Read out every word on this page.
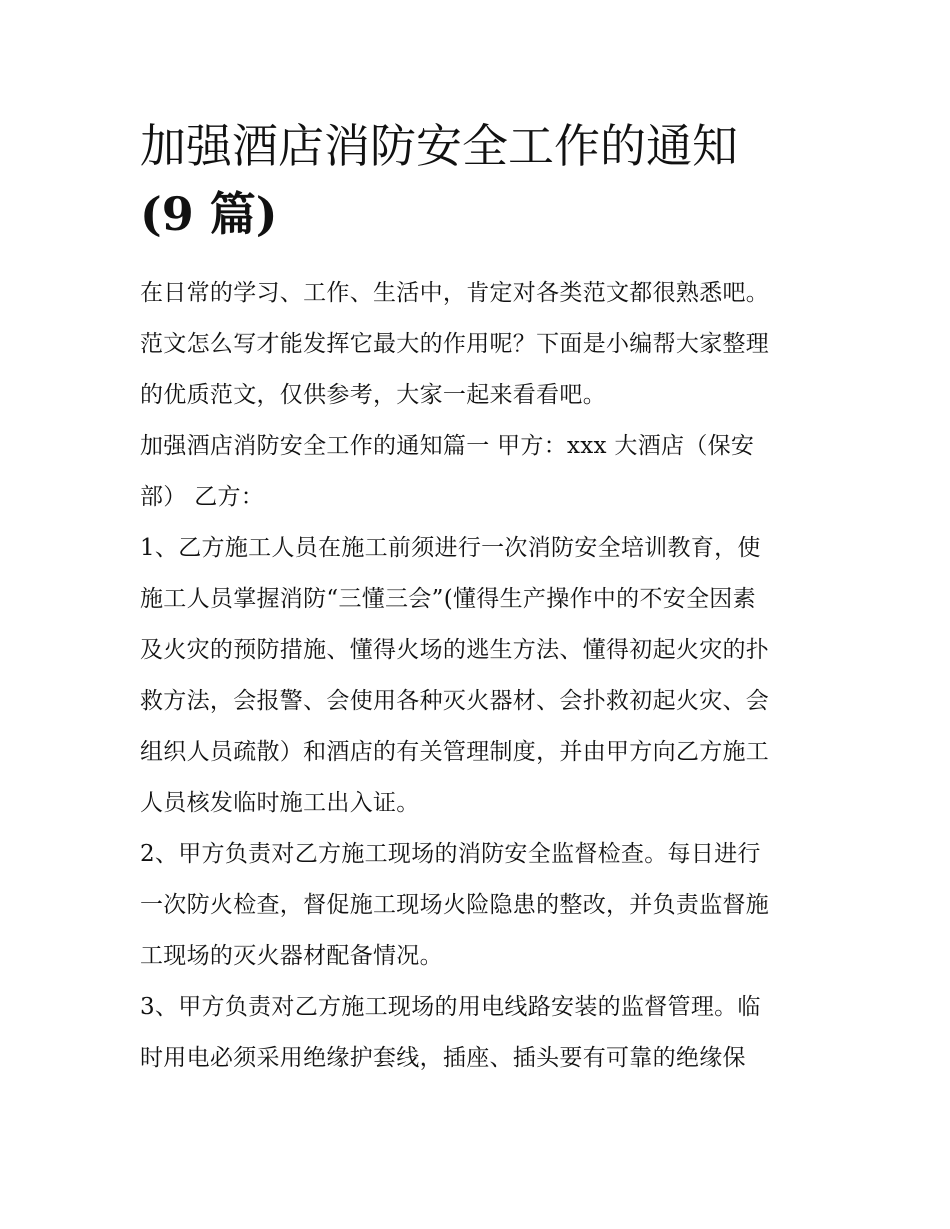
加强酒店消防安全工作的通知
(9 篇)
在日常的学习、工作、生活中，肯定对各类范文都很熟悉吧。
范文怎么写才能发挥它最大的作用呢？下面是小编帮大家整理
的优质范文，仅供参考，大家一起来看看吧。
加强酒店消防安全工作的通知篇一 甲方：xxx 大酒店（保安
部） 乙方：
1、乙方施工人员在施工前须进行一次消防安全培训教育，使
施工人员掌握消防“三懂三会”(懂得生产操作中的不安全因素
及火灾的预防措施、懂得火场的逃生方法、懂得初起火灾的扑
救方法，会报警、会使用各种灭火器材、会扑救初起火灾、会
组织人员疏散）和酒店的有关管理制度，并由甲方向乙方施工
人员核发临时施工出入证。
2、甲方负责对乙方施工现场的消防安全监督检查。每日进行
一次防火检查，督促施工现场火险隐患的整改，并负责监督施
工现场的灭火器材配备情况。
3、甲方负责对乙方施工现场的用电线路安装的监督管理。临
时用电必须采用绝缘护套线，插座、插头要有可靠的绝缘保
